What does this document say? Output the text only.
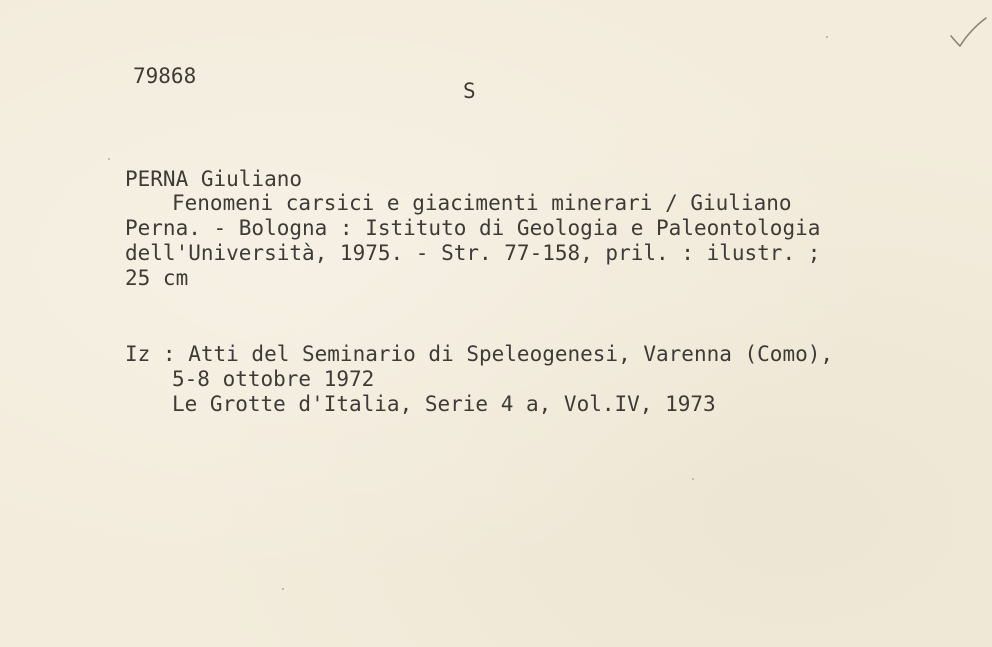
79868
S
PERNA Giuliano
Fenomeni carsici e giacimenti minerari / Giuliano
Perna. - Bologna : Istituto di Geologia e Paleontologia
dell'Università, 1975. - Str. 77-158, pril. : ilustr. ;
25 cm
Iz : Atti del Seminario di Speleogenesi, Varenna (Como),
5-8 ottobre 1972
Le Grotte d'Italia, Serie 4 a, Vol.IV, 1973
